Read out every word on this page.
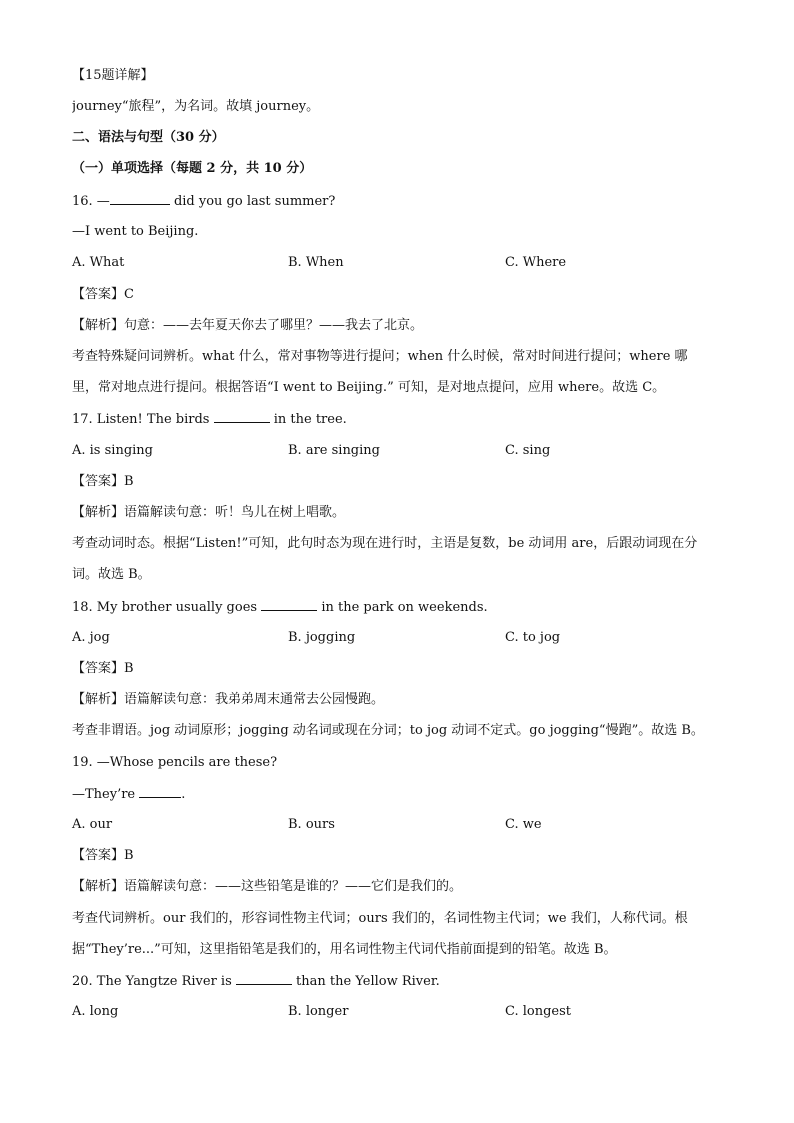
【15题详解】
journey“旅程”，为名词。故填 journey。
二、语法与句型（30 分）
（一）单项选择（每题 2 分，共 10 分）
16. —	did you go last summer?
—I went to Beijing.
A. What	B. When	C. Where
【答案】C
【解析】句意：——去年夏天你去了哪里？——我去了北京。
考查特殊疑问词辨析。what 什么，常对事物等进行提问；when 什么时候，常对时间进行提问；where 哪
里，常对地点进行提问。根据答语“I went to Beijing.” 可知，是对地点提问，应用 where。故选 C。
17. Listen! The birds	in the tree.
A. is singing	B. are singing	C. sing
【答案】B
【解析】语篇解读句意：听！鸟儿在树上唱歌。
考查动词时态。根据“Listen!”可知，此句时态为现在进行时，主语是复数，be 动词用 are，后跟动词现在分
词。故选 B。
18. My brother usually goes	in the park on weekends.
A. jog	B. jogging	C. to jog
【答案】B
【解析】语篇解读句意：我弟弟周末通常去公园慢跑。
考查非谓语。jog 动词原形；jogging 动名词或现在分词；to jog 动词不定式。go jogging“慢跑”。故选 B。
19. —Whose pencils are these?
—They’re	.
A. our	B. ours	C. we
【答案】B
【解析】语篇解读句意：——这些铅笔是谁的？——它们是我们的。
考查代词辨析。our 我们的，形容词性物主代词；ours 我们的，名词性物主代词；we 我们，人称代词。根
据“They’re...”可知，这里指铅笔是我们的，用名词性物主代词代指前面提到的铅笔。故选 B。
20. The Yangtze River is	than the Yellow River.
A. long	B. longer	C. longest
